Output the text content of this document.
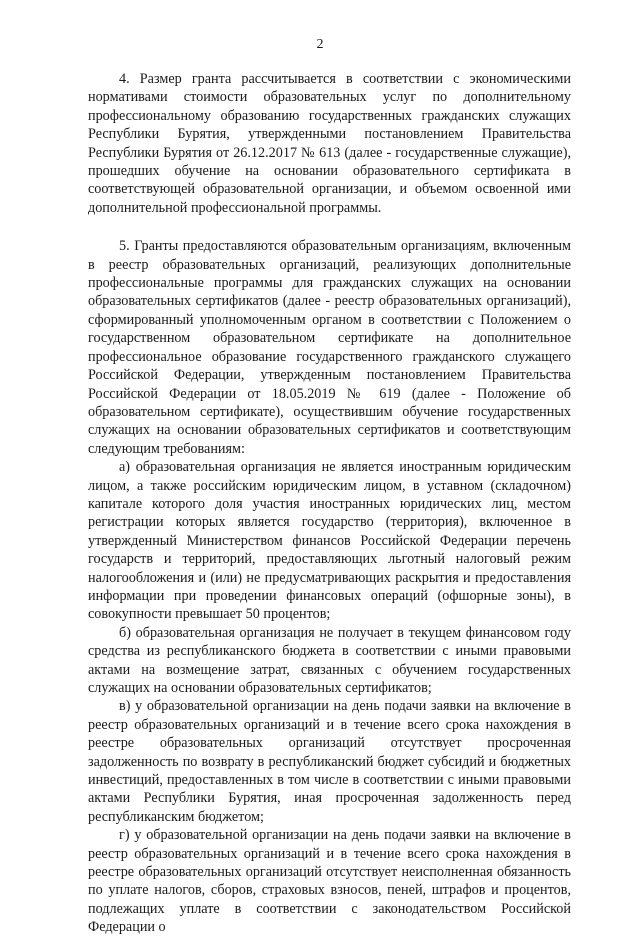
2

4. Размер гранта рассчитывается в соответствии с экономическими нормативами стоимости образовательных услуг по дополнительному профессиональному образованию государственных гражданских служащих Республики Бурятия, утвержденными постановлением Правительства Республики Бурятия от 26.12.2017 № 613 (далее - государственные служащие), прошедших обучение на основании образовательного сертификата в соответствующей образовательной организации, и объемом освоенной ими дополнительной профессиональной программы.

5. Гранты предоставляются образовательным организациям, включенным в реестр образовательных организаций, реализующих дополнительные профессиональные программы для гражданских служащих на основании образовательных сертификатов (далее - реестр образовательных организаций), сформированный уполномоченным органом в соответствии с Положением о государственном образовательном сертификате на дополнительное профессиональное образование государственного гражданского служащего Российской Федерации, утвержденным постановлением Правительства Российской Федерации от 18.05.2019 № 619 (далее - Положение об образовательном сертификате), осуществившим обучение государственных служащих на основании образовательных сертификатов и соответствующим следующим требованиям:

а) образовательная организация не является иностранным юридическим лицом, а также российским юридическим лицом, в уставном (складочном) капитале которого доля участия иностранных юридических лиц, местом регистрации которых является государство (территория), включенное в утвержденный Министерством финансов Российской Федерации перечень государств и территорий, предоставляющих льготный налоговый режим налогообложения и (или) не предусматривающих раскрытия и предоставления информации при проведении финансовых операций (офшорные зоны), в совокупности превышает 50 процентов;

б) образовательная организация не получает в текущем финансовом году средства из республиканского бюджета в соответствии с иными правовыми актами на возмещение затрат, связанных с обучением государственных служащих на основании образовательных сертификатов;

в) у образовательной организации на день подачи заявки на включение в реестр образовательных организаций и в течение всего срока нахождения в реестре образовательных организаций отсутствует просроченная задолженность по возврату в республиканский бюджет субсидий и бюджетных инвестиций, предоставленных в том числе в соответствии с иными правовыми актами Республики Бурятия, иная просроченная задолженность перед республиканским бюджетом;

г) у образовательной организации на день подачи заявки на включение в реестр образовательных организаций и в течение всего срока нахождения в реестре образовательных организаций отсутствует неисполненная обязанность по уплате налогов, сборов, страховых взносов, пеней, штрафов и процентов, подлежащих уплате в соответствии с законодательством Российской Федерации о
